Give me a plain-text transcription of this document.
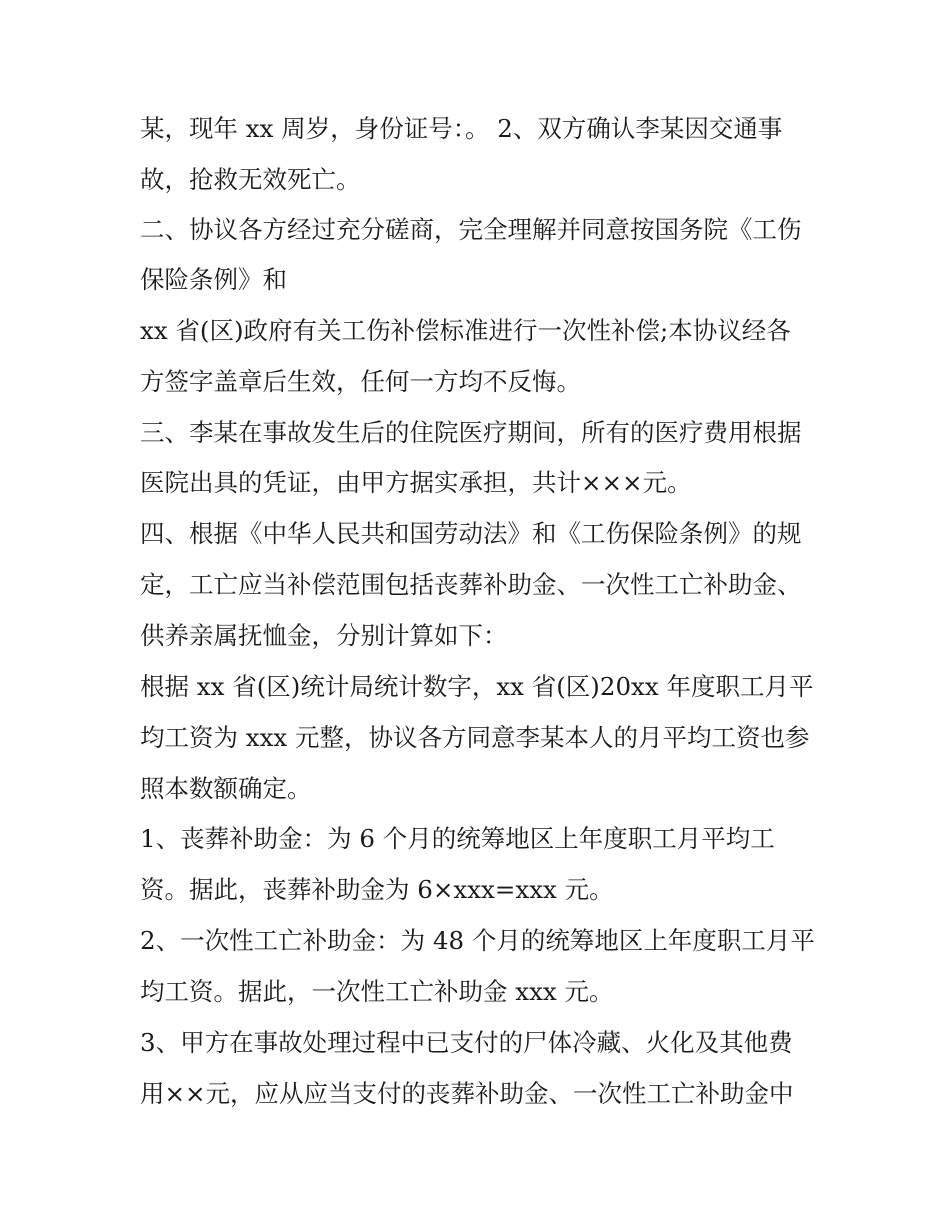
某，现年 xx 周岁，身份证号：。 2、双方确认李某因交通事
故，抢救无效死亡。
二、协议各方经过充分磋商，完全理解并同意按国务院《工伤
保险条例》和
xx 省(区)政府有关工伤补偿标准进行一次性补偿;本协议经各
方签字盖章后生效，任何一方均不反悔。
三、李某在事故发生后的住院医疗期间，所有的医疗费用根据
医院出具的凭证，由甲方据实承担，共计×××元。
四、根据《中华人民共和国劳动法》和《工伤保险条例》的规
定，工亡应当补偿范围包括丧葬补助金、一次性工亡补助金、
供养亲属抚恤金，分别计算如下：
根据 xx 省(区)统计局统计数字，xx 省(区)20xx 年度职工月平
均工资为 xxx 元整，协议各方同意李某本人的月平均工资也参
照本数额确定。
1、丧葬补助金：为 6 个月的统筹地区上年度职工月平均工
资。据此，丧葬补助金为 6×xxx=xxx 元。
2、一次性工亡补助金：为 48 个月的统筹地区上年度职工月平
均工资。据此，一次性工亡补助金 xxx 元。
3、甲方在事故处理过程中已支付的尸体冷藏、火化及其他费
用××元，应从应当支付的丧葬补助金、一次性工亡补助金中
